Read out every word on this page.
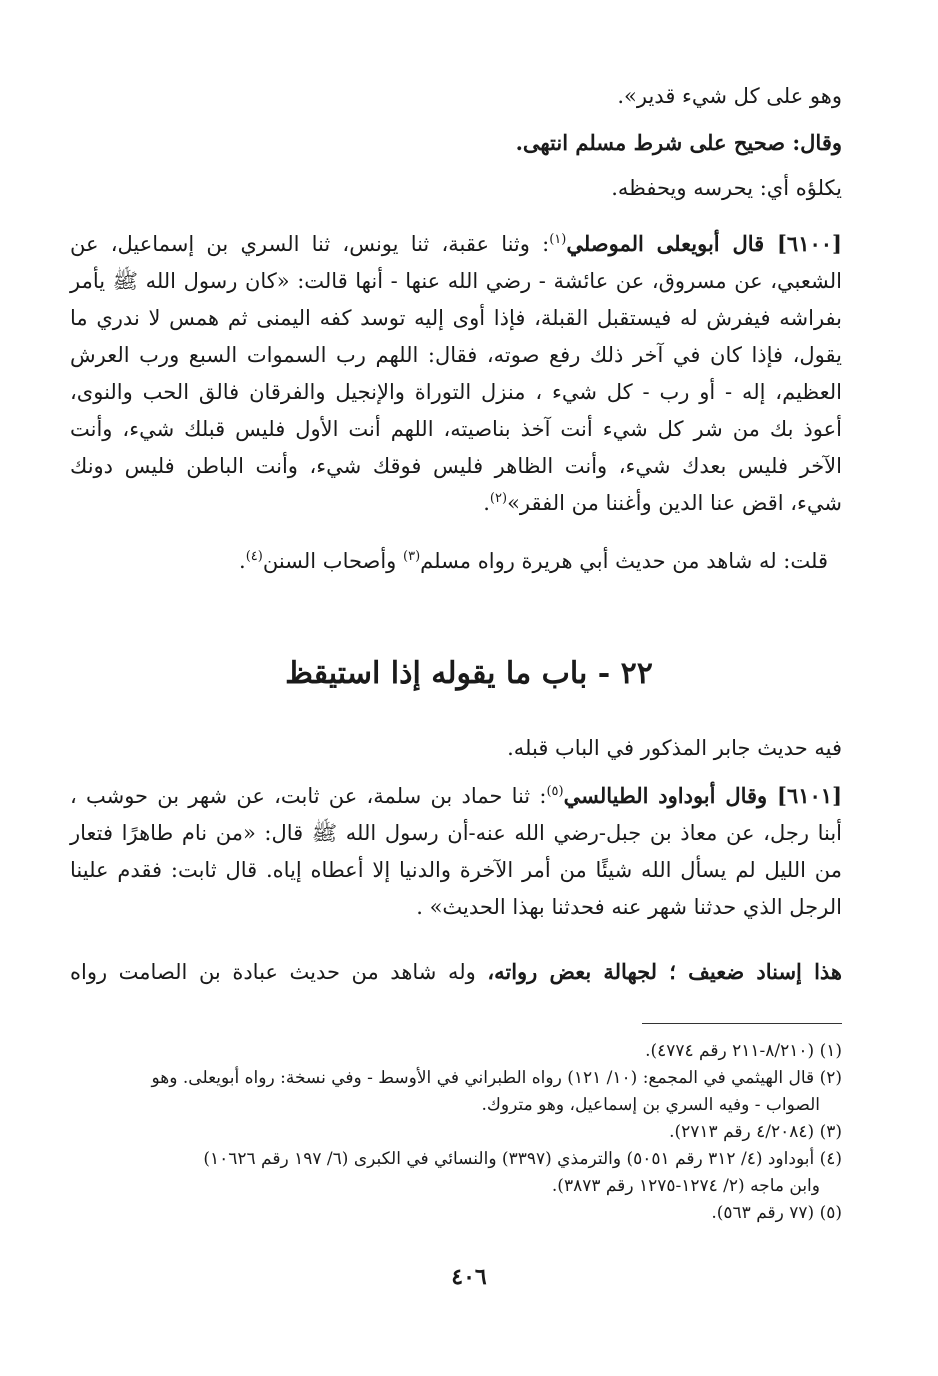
وهو على كل شيء قدير».
وقال: صحيح على شرط مسلم انتهى.
يكلؤه أي: يحرسه ويحفظه.
[٦١٠٠] قال أبويعلى الموصلي$^{(١)}$: وثنا عقبة، ثنا يونس، ثنا السري بن إسماعيل، عن
الشعبي، عن مسروق، عن عائشة - رضي الله عنها - أنها قالت: «كان رسول الله ﷺ يأمر
بفراشه فيفرش له فيستقبل القبلة، فإذا أوى إليه توسد كفه اليمنى ثم همس لا ندري ما
يقول، فإذا كان في آخر ذلك رفع صوته، فقال: اللهم رب السموات السبع ورب العرش
العظيم، إله - أو رب - كل شيء ، منزل التوراة والإنجيل والفرقان فالق الحب والنوى،
أعوذ بك من شر كل شيء أنت آخذ بناصيته، اللهم أنت الأول فليس قبلك شيء، وأنت
الآخر فليس بعدك شيء، وأنت الظاهر فليس فوقك شيء، وأنت الباطن فليس دونك
شيء، اقض عنا الدين وأغننا من الفقر»$^{(٢)}$.
قلت: له شاهد من حديث أبي هريرة رواه مسلم$^{(٣)}$ وأصحاب السنن$^{(٤)}$.
٢٢ - باب ما يقوله إذا استيقظ
فيه حديث جابر المذكور في الباب قبله.
[٦١٠١] وقال أبوداود الطيالسي$^{(٥)}$: ثنا حماد بن سلمة، عن ثابت، عن شهر بن حوشب ،
أبنا رجل، عن معاذ بن جبل-رضي الله عنه-أن رسول الله ﷺ قال: «من نام طاهرًا فتعار
من الليل لم يسأل الله شيئًا من أمر الآخرة والدنيا إلا أعطاه إياه. قال ثابت: فقدم علينا
الرجل الذي حدثنا شهر عنه فحدثنا بهذا الحديث» .
هذا إسناد ضعيف ؛ لجهالة بعض رواته، وله شاهد من حديث عبادة بن الصامت رواه
(١) (٨/٢١٠-٢١١ رقم ٤٧٧٤).
(٢) قال الهيثمي في المجمع: (١٠/ ١٢١) رواه الطبراني في الأوسط - وفي نسخة: رواه أبويعلى. وهو
الصواب - وفيه السري بن إسماعيل، وهو متروك.
(٣) (٤/٢٠٨٤ رقم ٢٧١٣).
(٤) أبوداود (٤/ ٣١٢ رقم ٥٠٥١) والترمذي (٣٣٩٧) والنسائي في الكبرى (٦/ ١٩٧ رقم ١٠٦٢٦)
وابن ماجه (٢/ ١٢٧٤-١٢٧٥ رقم ٣٨٧٣).
(٥) (٧٧ رقم ٥٦٣).
٤٠٦
